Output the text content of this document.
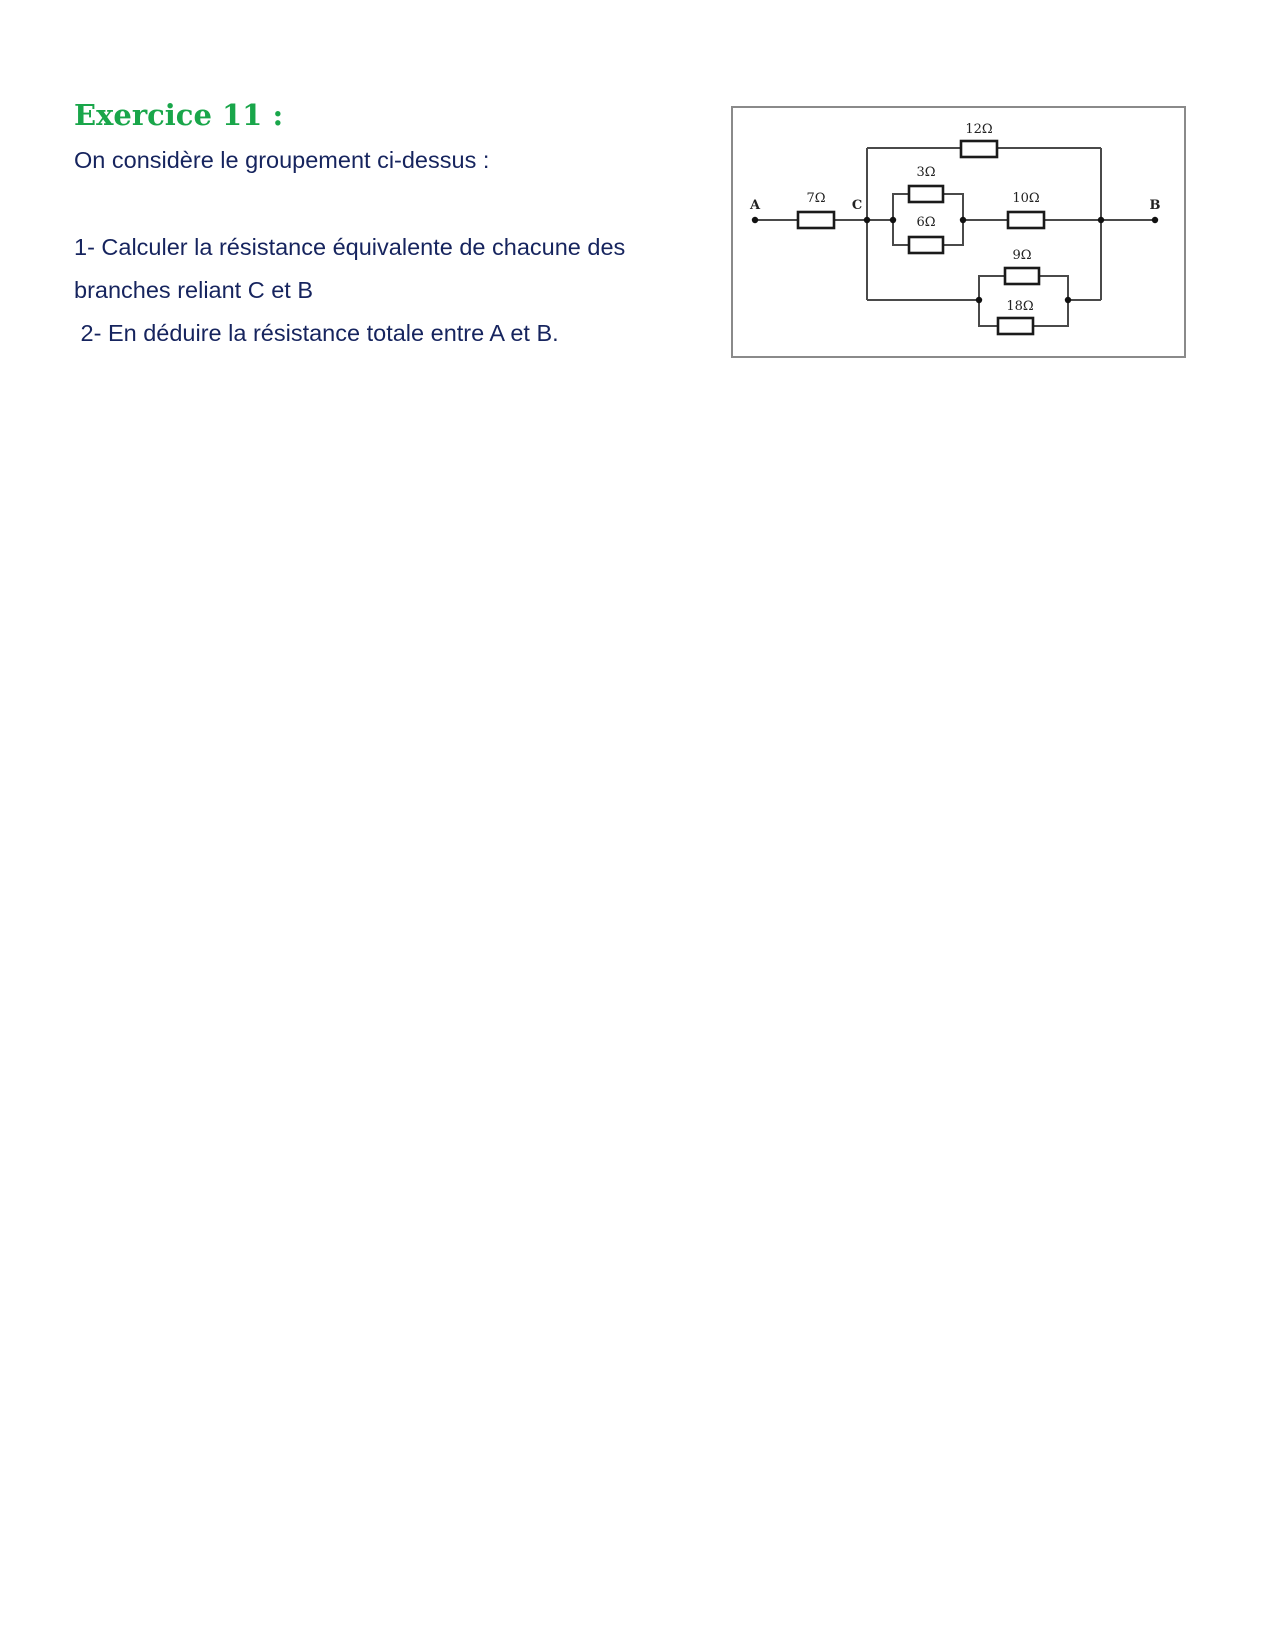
Exercice 11 :

On considère le groupement ci-dessus :

1- Calculer la résistance équivalente de chacune des

branches reliant C et B

2- En déduire la résistance totale entre A et B.

A	B
C
12Ω
3Ω
6Ω
7Ω	10Ω
9Ω
18Ω
